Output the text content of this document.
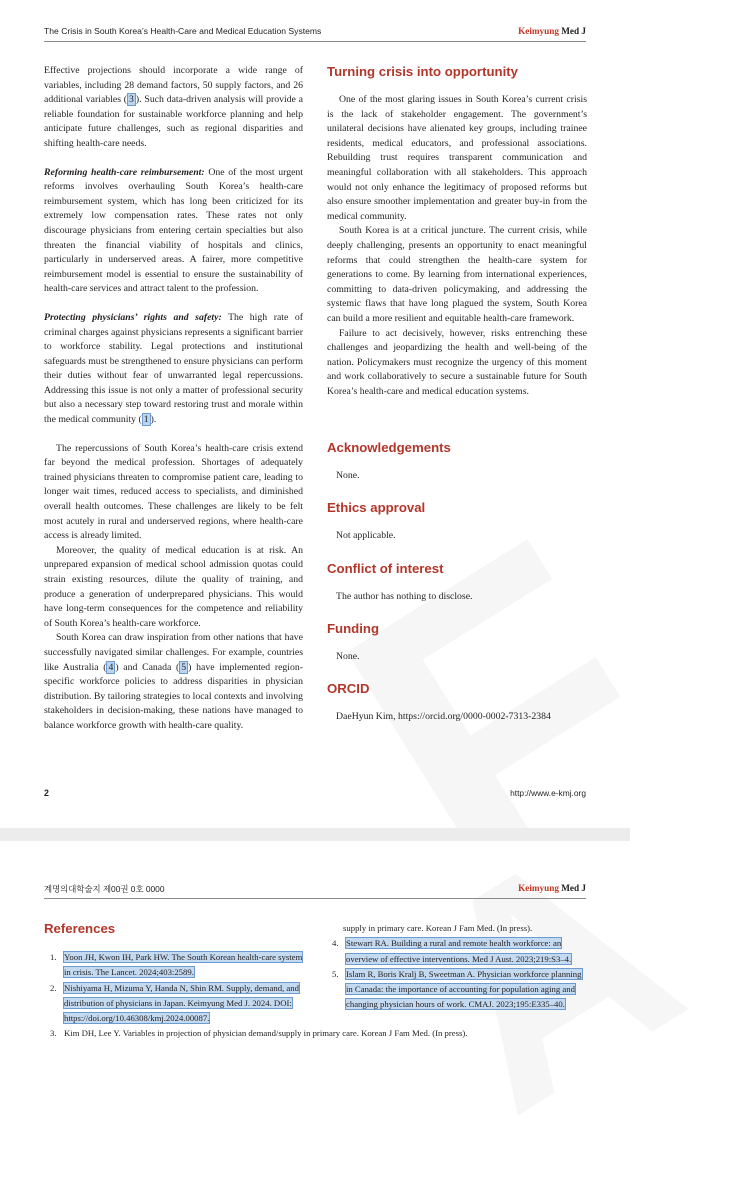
The Crisis in South Korea’s Health-Care and Medical Education Systems	Keimyung Med J

Effective projections should incorporate a wide range of variables, including 28 demand factors, 50 supply factors, and 26 additional variables ( 3 ). Such data-driven analysis will provide a reliable foundation for sustainable workforce planning and help anticipate future challenges, such as regional disparities and shifting health-care needs.

Reforming health-care reimbursement: One of the most urgent reforms involves overhauling South Korea’s health-care reimbursement system, which has long been criticized for its extremely low compensation rates. These rates not only discourage physicians from entering certain specialties but also threaten the financial viability of hospitals and clinics, particularly in underserved areas. A fairer, more competitive reimbursement model is essential to ensure the sustainability of health-care services and attract talent to the profession.

Protecting physicians’ rights and safety: The high rate of criminal charges against physicians represents a significant barrier to workforce stability. Legal protections and institutional safeguards must be strengthened to ensure physicians can perform their duties without fear of unwarranted legal repercussions. Addressing this issue is not only a matter of professional security but also a necessary step toward restoring trust and morale within the medical community ( 1 ).

The repercussions of South Korea’s health-care crisis extend far beyond the medical profession. Shortages of adequately trained physicians threaten to compromise patient care, leading to longer wait times, reduced access to specialists, and diminished overall health outcomes. These challenges are likely to be felt most acutely in rural and underserved regions, where health-care access is already limited.

Moreover, the quality of medical education is at risk. An unprepared expansion of medical school admission quotas could strain existing resources, dilute the quality of training, and produce a generation of underprepared physicians. This would have long-term consequences for the competence and reliability of South Korea’s health-care workforce.

South Korea can draw inspiration from other nations that have successfully navigated similar challenges. For example, countries like Australia ( 4 ) and Canada ( 5 ) have implemented region-specific workforce policies to address disparities in physician distribution. By tailoring strategies to local contexts and involving stakeholders in decision-making, these nations have managed to balance workforce growth with health-care quality.

Turning crisis into opportunity

One of the most glaring issues in South Korea’s current crisis is the lack of stakeholder engagement. The government’s unilateral decisions have alienated key groups, including trainee residents, medical educators, and professional associations. Rebuilding trust requires transparent communication and meaningful collaboration with all stakeholders. This approach would not only enhance the legitimacy of proposed reforms but also ensure smoother implementation and greater buy-in from the medical community.

South Korea is at a critical juncture. The current crisis, while deeply challenging, presents an opportunity to enact meaningful reforms that could strengthen the health-care system for generations to come. By learning from international experiences, committing to data-driven policymaking, and addressing the systemic flaws that have long plagued the system, South Korea can build a more resilient and equitable health-care framework.

Failure to act decisively, however, risks entrenching these challenges and jeopardizing the health and well-being of the nation. Policymakers must recognize the urgency of this moment and work collaboratively to secure a sustainable future for South Korea’s health-care and medical education systems.

Acknowledgements
None.
Ethics approval
Not applicable.
Conflict of interest
The author has nothing to disclose.
Funding
None.
ORCID
DaeHyun Kim, https://orcid.org/0000-0002-7313-2384
2	http://www.e-kmj.org
계명의대학술지 제00권 0호 0000	Keimyung Med J
References
1. Yoon JH, Kwon IH, Park HW. The South Korean health-care system in crisis. The Lancet. 2024;403:2589.
2. Nishiyama H, Mizuma Y, Handa N, Shin RM. Supply, demand, and distribution of physicians in Japan. Keimyung Med J. 2024. DOI: https://doi.org/10.46308/kmj.2024.00087.
3. Kim DH, Lee Y. Variables in projection of physician demand/supply in primary care. Korean J Fam Med. (In press).
supply in primary care. Korean J Fam Med. (In press).
4. Stewart RA. Building a rural and remote health workforce: an overview of effective interventions. Med J Aust. 2023;219:S3–4.
5. Islam R, Boris Kralj B, Sweetman A. Physician workforce planning in Canada: the importance of accounting for population aging and changing physician hours of work. CMAJ. 2023;195:E335–40.
